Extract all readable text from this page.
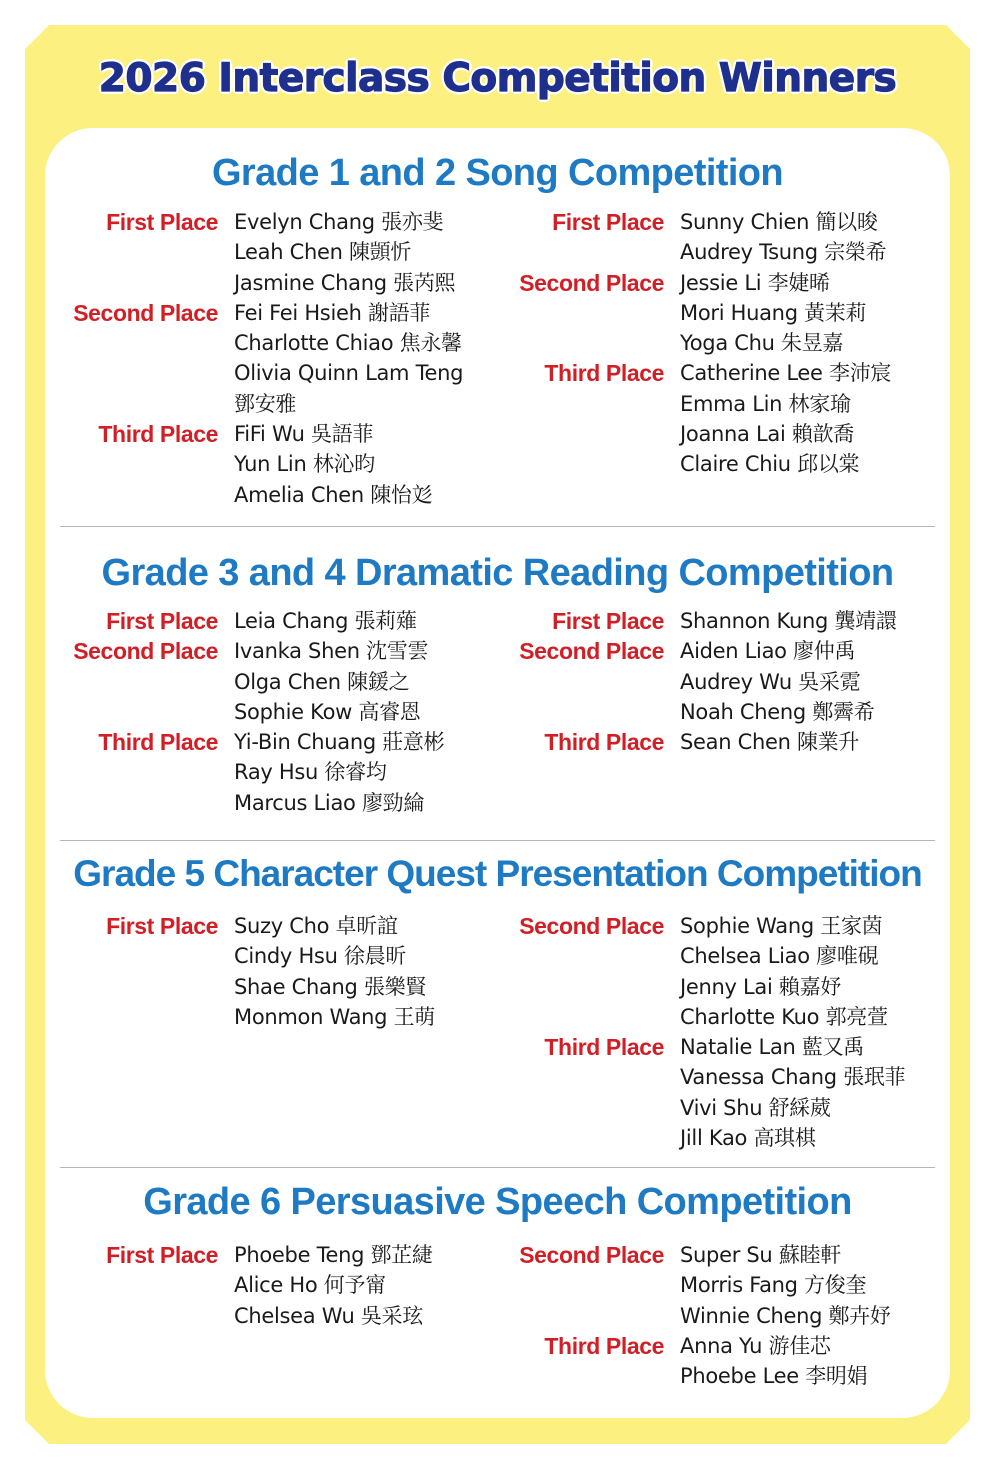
2026 Interclass Competition Winners
Grade 1 and 2 Song Competition
First Place Evelyn Chang 張亦斐
Leah Chen 陳顗忻
Jasmine Chang 張芮熙
Second Place Fei Fei Hsieh 謝語菲
Charlotte Chiao 焦永馨
Olivia Quinn Lam Teng
鄧安雅
Third Place FiFi Wu 吳語菲
Yun Lin 林沁昀
Amelia Chen 陳怡彣
First Place Sunny Chien 簡以晙
Audrey Tsung 宗榮希
Second Place Jessie Li 李婕晞
Mori Huang 黃茉莉
Yoga Chu 朱昱嘉
Third Place Catherine Lee 李沛宸
Emma Lin 林家瑜
Joanna Lai 賴歆喬
Claire Chiu 邱以棠
Grade 3 and 4 Dramatic Reading Competition
First Place Leia Chang 張莉薙
Second Place Ivanka Shen 沈雪雲
Olga Chen 陳鍰之
Sophie Kow 高睿恩
Third Place Yi-Bin Chuang 莊意彬
Ray Hsu 徐睿均
Marcus Liao 廖勁綸
First Place Shannon Kung 龔靖譞
Second Place Aiden Liao 廖仲禹
Audrey Wu 吳采霓
Noah Cheng 鄭霽希
Third Place Sean Chen 陳業升
Grade 5 Character Quest Presentation Competition
First Place Suzy Cho 卓昕誼
Cindy Hsu 徐晨昕
Shae Chang 張樂賢
Monmon Wang 王萌
Second Place Sophie Wang 王家茵
Chelsea Liao 廖唯硯
Jenny Lai 賴嘉妤
Charlotte Kuo 郭亮萱
Third Place Natalie Lan 藍又禹
Vanessa Chang 張珉菲
Vivi Shu 舒綵葳
Jill Kao 高琪棋
Grade 6 Persuasive Speech Competition
First Place Phoebe Teng 鄧芷緁
Alice Ho 何予甯
Chelsea Wu 吳采玹
Second Place Super Su 蘇睦軒
Morris Fang 方俊奎
Winnie Cheng 鄭卉妤
Third Place Anna Yu 游佳芯
Phoebe Lee 李明娟
